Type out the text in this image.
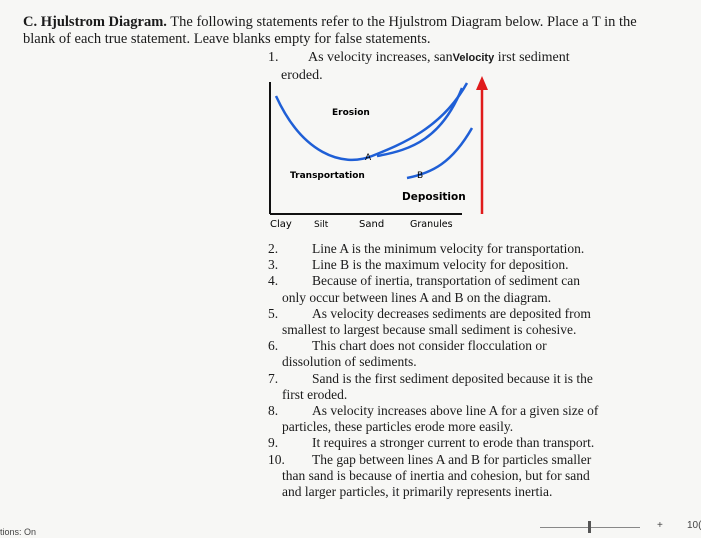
C. Hjulstrom Diagram. The following statements refer to the Hjulstrom Diagram below. Place a T in the blank of each true statement. Leave blanks empty for false statements.
1. As velocity increases, sanVelocity irst sediment
eroded.
Erosion
Transportation
A
B
Deposition
Clay Silt	Sand	Granules

2.	Line A is the minimum velocity for transportation.

3.	Line B is the maximum velocity for deposition.

4.	Because of inertia, transportation of sediment can
only occur between lines A and B on the diagram.

5.	As velocity decreases sediments are deposited from
smallest to largest because small sediment is cohesive.

6.	This chart does not consider flocculation or
dissolution of sediments.

7.	Sand is the first sediment deposited because it is the
first eroded.

8.	As velocity increases above line A for a given size of
particles, these particles erode more easily.

9.	It requires a stronger current to erode than transport.

10. The gap between lines A and B for particles smaller
than sand is because of inertia and cohesion, but for sand and larger particles, it primarily represents inertia.

tions: On
+ 10(
